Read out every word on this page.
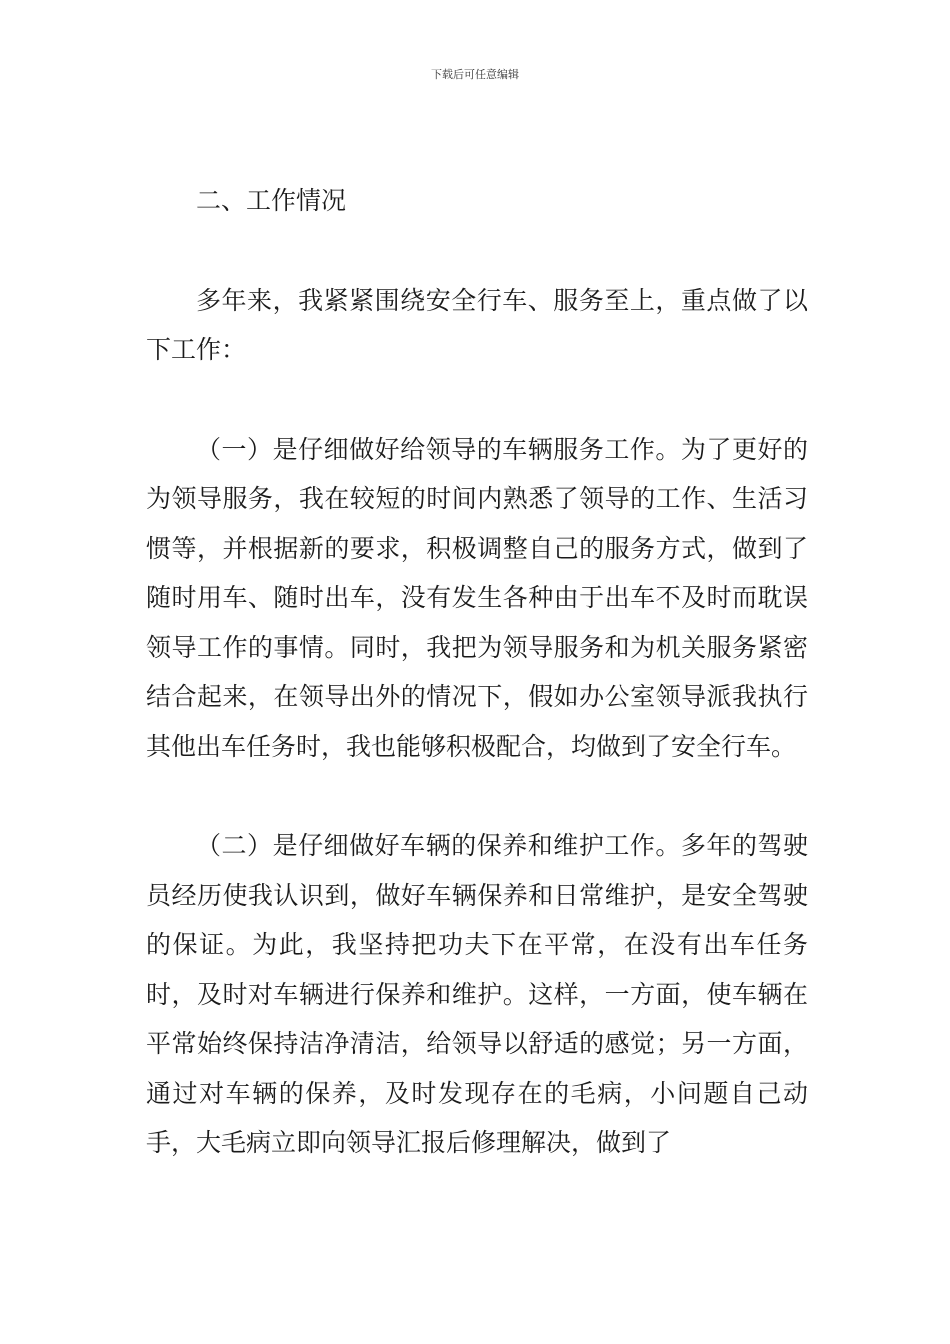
下载后可任意编辑
二、工作情况

多年来，我紧紧围绕安全行车、服务至上，重点做了以下工作：

（一）是仔细做好给领导的车辆服务工作。为了更好的为领导服务，我在较短的时间内熟悉了领导的工作、生活习惯等，并根据新的要求，积极调整自己的服务方式，做到了随时用车、随时出车，没有发生各种由于出车不及时而耽误领导工作的事情。同时，我把为领导服务和为机关服务紧密结合起来，在领导出外的情况下，假如办公室领导派我执行其他出车任务时，我也能够积极配合，均做到了安全行车。

（二）是仔细做好车辆的保养和维护工作。多年的驾驶员经历使我认识到，做好车辆保养和日常维护，是安全驾驶的保证。为此，我坚持把功夫下在平常，在没有出车任务时，及时对车辆进行保养和维护。这样，一方面，使车辆在平常始终保持洁净清洁，给领导以舒适的感觉；另一方面，通过对车辆的保养，及时发现存在的毛病，小问题自己动手，大毛病立即向领导汇报后修理解决，做到了
